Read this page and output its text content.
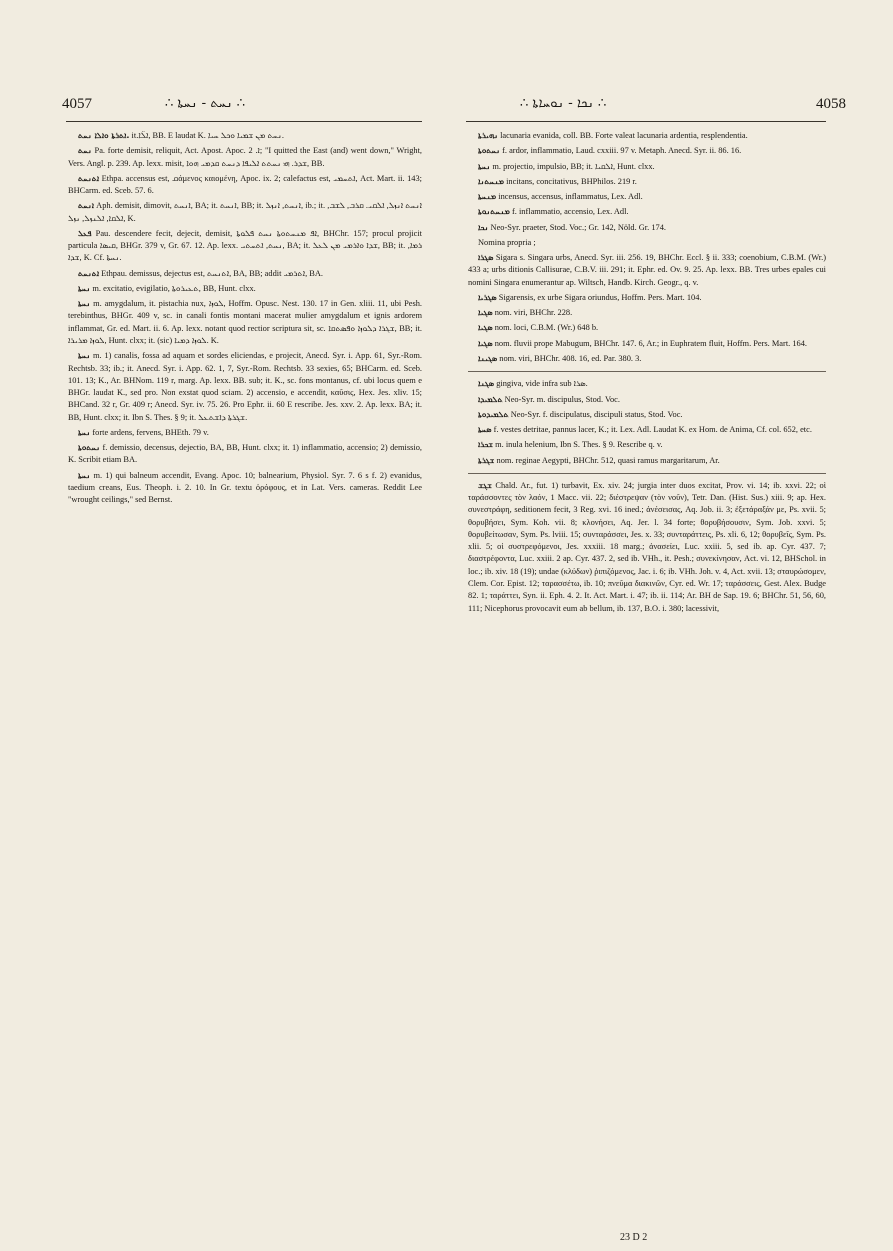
4057	∴ ܢܚܬ - ܢܚܬܐ ∴	∴ ܢܟܐ - ܢܘܚܐܬܐ ∴	4058

ܐܬܪܬܐ ܘܐܠܐ ܢܚܬ. it.ܐܠ̈ܐ, BB. E laudat K. ܢܚܬ ܡܢ ܫܡܝܐ ܘܟܠ ܚܝܐ.

ܢܚܬ Pa. forte demisit, reliquit, Act. Apost. Apoc. ܐ. 2; "I quitted the East (and) went down," Wright, Vers. Angl. p. 239. Ap. lexx. misit, ܫܕܪ. ܗܝ ܢܚܬܬ ܐܠܝܦܐ ܕܢܚܬ ܩܕܡܝ ܗܘܐ, BB.

ܐܬܢܚܬ Ethpa. accensus est, ܩάμενος καιομένη, Apoc. ix. 2; calefactus est, ܐܬܚܡܝ, Act. Mart. ii. 143; BHCarm. ed. Sceb. 57. 6.

ܐܢܚܬ Aph. demisit, dimovit, ܐܢܚܬ, BA; it. ܐܢܚܬ, BB; it. ܐܢܚܬ, ܐܢܙܠ, ib.; it. ܐܢܚܬ ܐܢܙܠ, ܐܠܩܝ. ܩܪܒ, ܠܫܒ, ܐܠܩܐ, ܐܠܢܙܠ, ܢܙܠ, K.

ܦܥܠ Pau. descendere fecit, dejecit, demisit, ܐܦ ܡܢܚܬܘܬܐ ܢܚܬ ܦܠܘܬܐ, BHChr. 157; procul projicit particula ܩܝܣܐ, BHGr. 379 v, Gr. 67. 12. Ap. lexx. ܢܚܬ, ܐܬܚܬܝ, BA; it. ܫܕܐ ܘܐܪܡܝ ܡܢ ܠܥܠ, BB; it. ܪܡܐ, ܫܕܐ, K. Cf. ܢܚܬܐ.

ܐܬܢܚܬ Ethpau. demissus, dejectus est, ܐܬܢܚܬ, BA, BB; addit ܐܬܪܡܝ, BA.

ܢܚܬܐ m. excitatio, evigilatio, ܬܥܝܪܘܬܐ, BB, Hunt. clxx.

ܢܚܬܐ m. amygdalum, it. pistachia nux, ܠܘܙܐ, Hoffm. Opusc. Nest. 130. 17 in Gen. xliii. 11, ubi Pesh. terebinthus, BHGr. 409 v, sc. in canali fontis montani macerat mulier amygdalum et ignis ardorem inflammat, Gr. ed. Mart. ii. 6. Ap. lexx. notant quod rectior scriptura sit, sc. ܫܓܪܐ ܕܠܘܙܐ ܘܦܣܬܩܐ, BB; it. ܠܘܙܐ ܡܪܝܪܐ, Hunt. clxx; it. (sic) ܠܘܙܐ ܕܡܝܐ. K.

ܢܚܬܐ m. 1) canalis, fossa ad aquam et sordes eliciendas, e projecit, Anecd. Syr. i. App. 61, Syr.-Rom. Rechtsb. 33; ib.; it. Anecd. Syr. i. App. 62. 1, 7, Syr.-Rom. Rechtsb. 33 sexies, 65; BHCarm. ed. Sceb. 101. 13; K., Ar. BHNom. 119 r, marg. Ap. lexx. BB. sub; it. K., sc. fons montanus, cf. ubi locus quem e BHGr. laudat K., sed pro. Non exstat quod sciam. 2) accensio, e accendit, καῦσις, Hex. Jes. xliv. 15; BHCand. 32 r, Gr. 409 r; Anecd. Syr. iv. 75. 26. Pro Ephr. ii. 60 E rescribe. Jes. xxv. 2. Ap. lexx. BA; it. BB, Hunt. clxx; it. Ibn S. Thes. § 9; it. ܫܓܪܬܐ ܕܐܫܬܥܠ.

ܢܚܬܐ forte ardens, fervens, BHEth. 79 v.

ܢܚܬܘܬܐ f. demissio, decensus, dejectio, BA, BB, Hunt. clxx; it. 1) inflammatio, accensio; 2) demissio, K. Scribit etiam BA.

ܢܚܬܐ m. 1) qui balneum accendit, Evang. Apoc. 10; balnearium, Physiol. Syr. 7. 6 s f. 2) evanidus, taedium creans, Eus. Theoph. i. 2. 10. In Gr. textu ὀρόφους, et in Lat. Vers. cameras. Reddit Lee "wrought ceilings," sed Bernst.

ܢܗܝܪܬܐ lacunaria evanida, coll. BB. Forte valeat lacunaria ardentia, resplendentia.

ܢܚܬܘܬܐ f. ardor, inflammatio, Laud. cxxiii. 97 v. Metaph. Anecd. Syr. ii. 86. 16.

ܢܚܬܐ m. projectio, impulsio, BB; it. ܐܠܩܝܐ, Hunt. clxx.

ܡܢܚܬܢܐ incitans, concitativus, BHPhilos. 219 r.

ܡܢܚܬܐ incensus, accensus, inflammatus, Lex. Adl.

ܡܢܚܬܢܘܬܐ f. inflammatio, accensio, Lex. Adl.

ܢܟܐ Neo-Syr. praeter, Stod. Voc.; Gr. 142, Nöld. Gr. 174.

Nomina propria ;

ܣܓܪܐ Sigara s. Singara urbs, Anecd. Syr. iii. 256. 19, BHChr. Eccl. § ii. 333; coenobium, C.B.M. (Wr.) 433 a; urbs ditionis Callisurae, C.B.V. iii. 291; it. Ephr. ed. Ov. 9. 25. Ap. lexx. BB. Tres urbes epales cui nomini Singara enumerantur ap. Wiltsch, Handb. Kirch. Geogr., q. v.

ܣܓܪܝܐ Sigarensis, ex urbe Sigara oriundus, Hoffm. Pers. Mart. 104.

ܣܓܝܐ nom. viri, BHChr. 228.

ܣܓܝܐ nom. loci, C.B.M. (Wr.) 648 b.

ܣܓܝܐ nom. fluvii prope Mabugum, BHChr. 147. 6, Ar.; in Euphratem fluit, Hoffm. Pers. Mart. 164.

ܣܓܝܢܐ nom. viri, BHChr. 408. 16, ed. Par. 380. 3.

ܣܓܢܐ gingiva, vide infra sub ܣܪܐ.

ܬܠܡܝܕܐ Neo-Syr. m. discipulus, Stod. Voc.

ܬܠܡܝܕܘܬܐ Neo-Syr. f. discipulatus, discipuli status, Stod. Voc.

ܣܚܬܐ f. vestes detritae, pannus lacer, K.; it. Lex. Adl. Laudat K. ex Hom. de Anima, Cf. col. 652, etc.

ܫܟܪܐ m. inula helenium, Ibn S. Thes. § 9. Rescribe q. v.

ܫܓܪܬܐ nom. reginae Aegypti, BHChr. 512, quasi ramus margaritarum, Ar.

ܫܓܫ Chald. Ar., fut. 1) turbavit, Ex. xiv. 24; jurgia inter duos excitat, Prov. vi. 14; ib. xxvi. 22; οἱ ταράσσοντες τὸν λαόν, 1 Macc. vii. 22; διέστρεψαν (τὸν νοῦν), Tetr. Dan. (Hist. Sus.) xiii. 9; ap. Hex. συνεστράφη, seditionem fecit, 3 Reg. xvi. 16 ined.; ἀνέσεισας, Aq. Job. ii. 3; ἐξετάραξάν με, Ps. xvii. 5; θορυβήσει, Sym. Koh. vii. 8; κλονήσει, Aq. Jer. l. 34 forte; θορυβήσουσιν, Sym. Job. xxvi. 5; θορυβείτωσαν, Sym. Ps. lviii. 15; συνταράσσει, Jes. x. 33; συνταράττεις, Ps. xli. 6, 12; θορυβεῖς, Sym. Ps. xlii. 5; οἱ συστρεφόμενοι, Jes. xxxiii. 18 marg.; ἀνασείει, Luc. xxiii. 5, sed ib. ap. Cyr. 437. 7; διαστρέφοντα, Luc. xxiii. 2 ap. Cyr. 437. 2, sed ib. VHh., it. Pesh.; συνεκίνησαν, Act. vi. 12, BHSchol. in loc.; ib. xiv. 18 (19); undae (κλύδων) ῥιπιζόμενος, Jac. i. 6; ib. VHh. Joh. v. 4, Act. xvii. 13; σταυρώσομεν, Clem. Cor. Epist. 12; ταρασσέτω, ib. 10; πνεῦμα διακινῶν, Cyr. ed. Wr. 17; ταράσσεις, Gest. Alex. Budge 82. 1; ταράττει, Syn. ii. Eph. 4. 2. It. Act. Mart. i. 47; ib. ii. 114; Ar. BH de Sap. 19. 6; BHChr. 51, 56, 60, 111; Nicephorus provocavit eum ab bellum, ib. 137, B.O. i. 380; lacessivit,

23 D 2
